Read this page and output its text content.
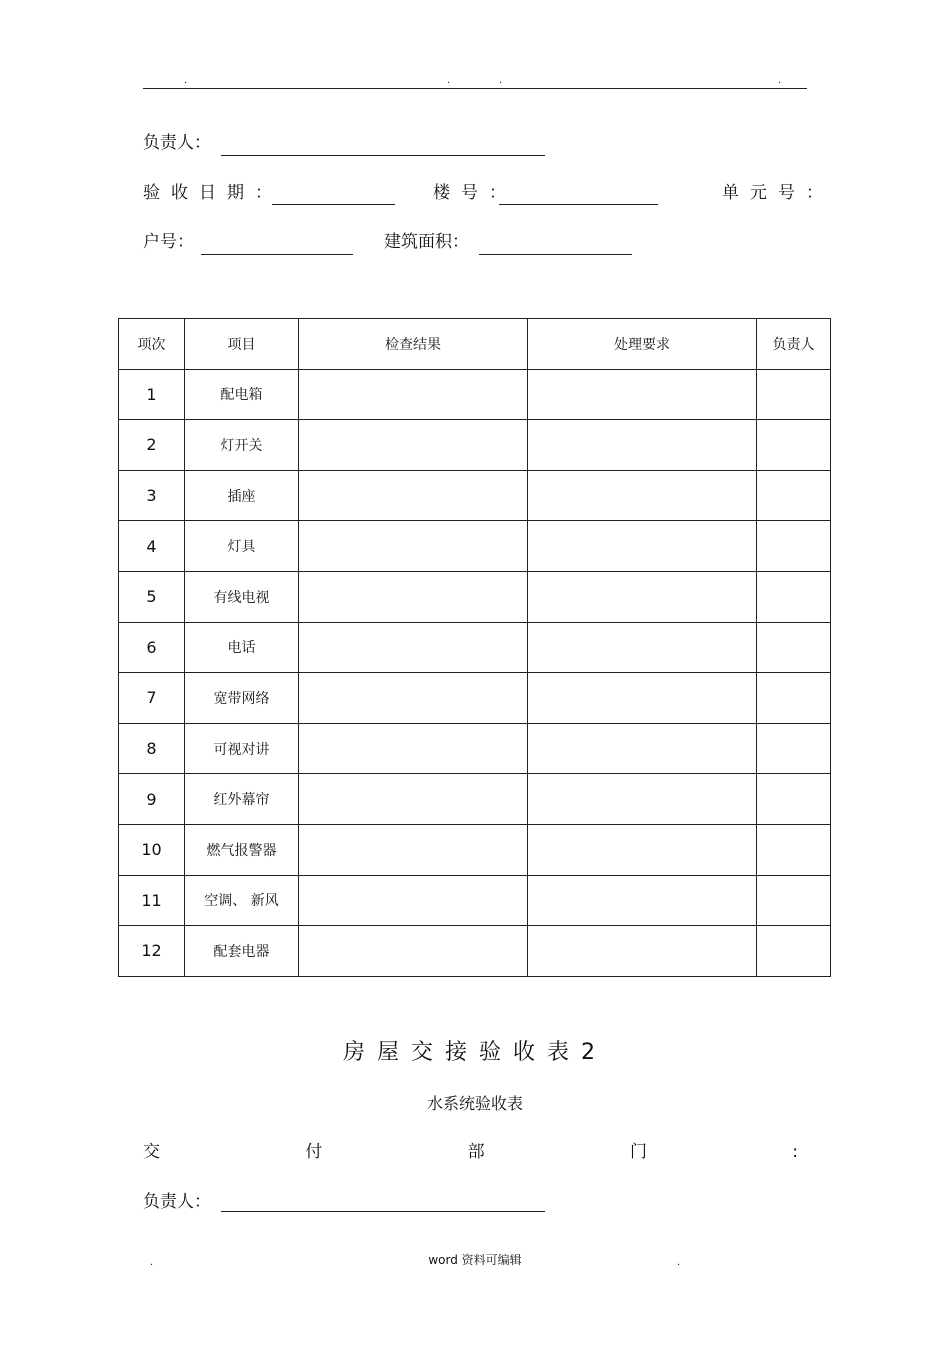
.	.	.	.
负责人：
验收日期：	楼号：	单元号：
户号：	建筑面积：
项次	项目	检查结果	处理要求	负责人
1	配电箱			
2	灯开关			
3	插座			
4	灯具			
5	有线电视			
6	电话			
7	宽带网络			
8	可视对讲			
9	红外幕帘			
10	燃气报警器			
11	空调、 新风			
12	配套电器			
房屋交接验收表2
水系统验收表
交	付	部	门	:
负责人：
.	word 资料可编辑	.
